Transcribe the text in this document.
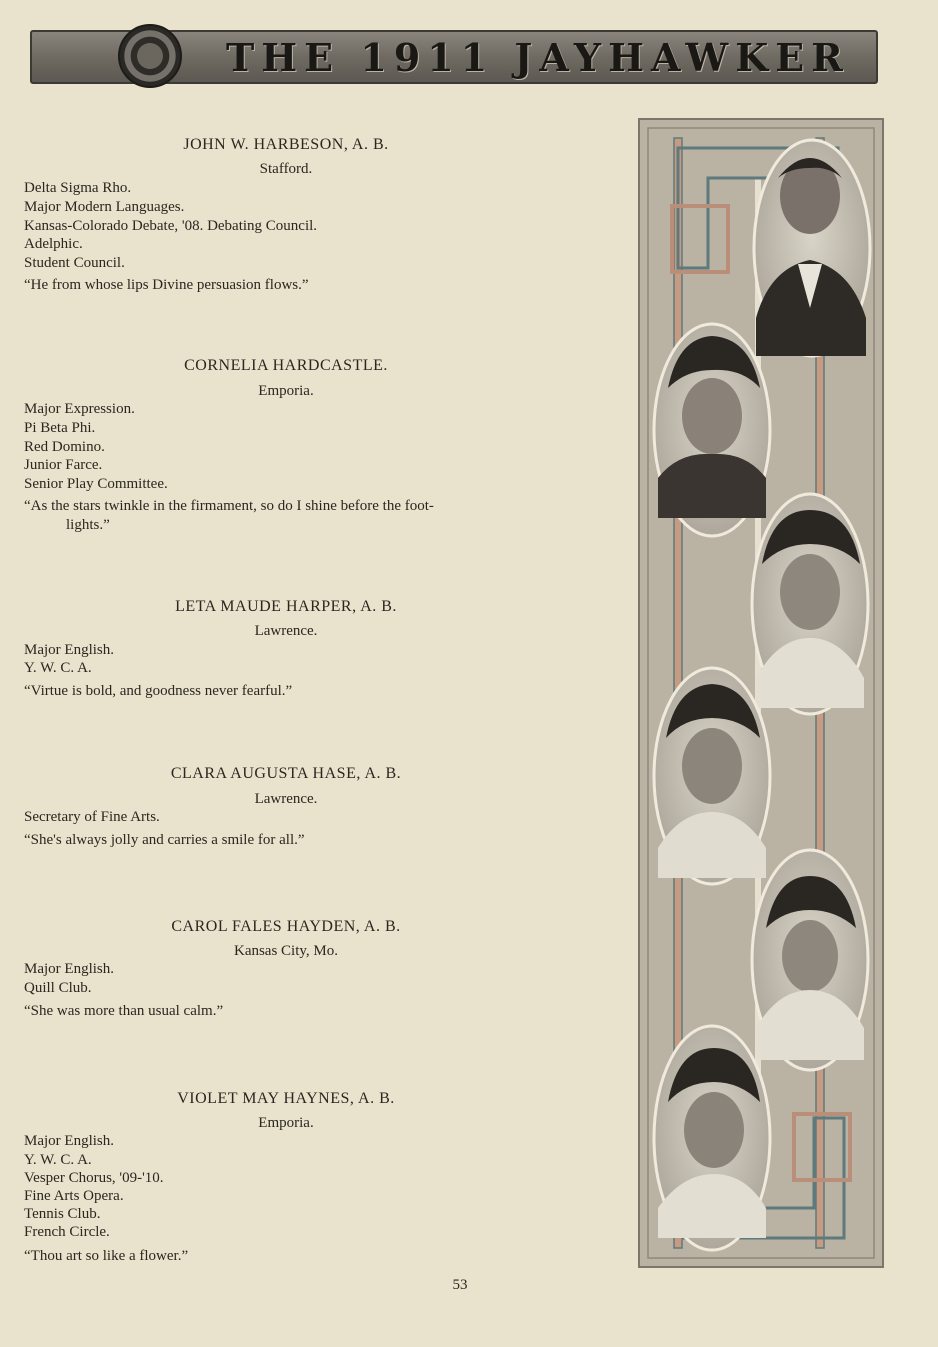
THE 1911 JAYHAWKER
JOHN W. HARBESON, A. B.
Stafford.
Delta Sigma Rho.
Major Modern Languages.
Kansas-Colorado Debate, '08. Debating Council.
Adelphic.
Student Council.
“He from whose lips Divine persuasion flows.”
CORNELIA HARDCASTLE.
Emporia.
Major Expression.
Pi Beta Phi.
Red Domino.
Junior Farce.
Senior Play Committee.
“As the stars twinkle in the firmament, so do I shine before the foot-
lights.”
LETA MAUDE HARPER, A. B.
Lawrence.
Major English.
Y. W. C. A.
“Virtue is bold, and goodness never fearful.”
CLARA AUGUSTA HASE, A. B.
Lawrence.
Secretary of Fine Arts.
“She's always jolly and carries a smile for all.”
CAROL FALES HAYDEN, A. B.
Kansas City, Mo.
Major English.
Quill Club.
“She was more than usual calm.”
VIOLET MAY HAYNES, A. B.
Emporia.
Major English.
Y. W. C. A.
Vesper Chorus, '09-'10.
Fine Arts Opera.
Tennis Club.
French Circle.
“Thou art so like a flower.”
53
